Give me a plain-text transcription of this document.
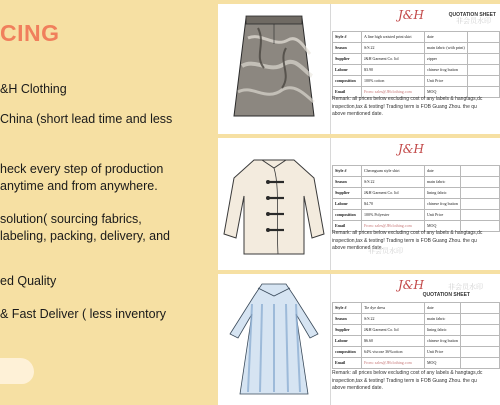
CING
&H Clothing
China (short lead time and less
heck every step of production
anytime and from anywhere.
solution( sourcing fabrics,
labeling, packing, delivery, and
ed Quality
& Fast Deliver ( less inventory
J&H	QUOTATION SHEET
Style #	A line high waisted print skirt	date	
Season	S/S 22	main fabric (with print)	
Supplier	J&H Garment Co. ltd	zipper	
Labour	$3.90	chinese frog button	
composition	100% cotton	Unit Price	
Email	From: sales@JHclothing.com	MOQ	
Remark: all prices below excluding cost of any labels & hangtags,dc
inspection,tax & testing! Trading term is FOB Guang Zhou. the qu
above mentioned date.
非会员水印
J&H
Style #	Cheongsam style shirt	date	
Season	S/S 22	main fabric	
Supplier	J&H Garment Co. ltd	lining fabric	
Labour	$4.70	chinese frog button	
composition	100% Polyester	Unit Price	
Email	From: sales@JHclothing.com	MOQ	
Remark: all prices below excluding cost of any labels & hangtags,dc
inspection,tax & testing! Trading term is FOB Guang Zhou. the qu
above mentioned date.
非会员水印
J&H
QUOTATION SHEET
Style #	Tie dye dress	date	
Season	S/S 22	main fabric	
Supplier	J&H Garment Co. ltd	lining fabric	
Labour	$6.60	chinese frog button	
composition	64% viscose 36%cotton	Unit Price	
Email	From: sales@JHclothing.com	MOQ	
Remark: all prices below excluding cost of any labels & hangtags,dc
inspection,tax & testing! Trading term is FOB Guang Zhou. the qu
above mentioned date.
非会员水印
